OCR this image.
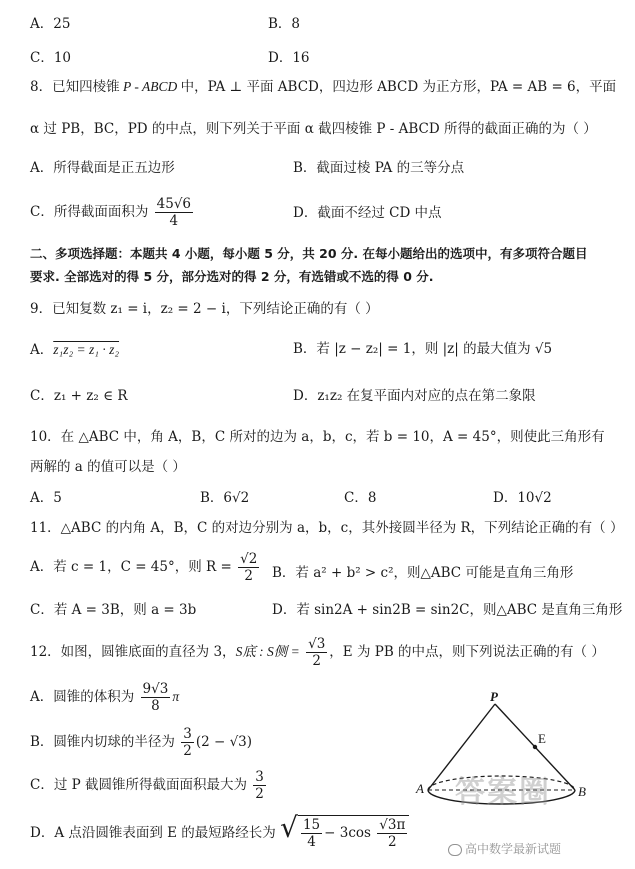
A．25	B．8
C．10	D．16
8．已知四棱锥 P - ABCD 中，PA ⊥ 平面 ABCD，四边形 ABCD 为正方形，PA = AB = 6，平面
α 过 PB，BC，PD 的中点，则下列关于平面 α 截四棱锥 P - ABCD 所得的截面正确的为（ ）
A．所得截面是正五边形	B．截面过棱 PA 的三等分点
C．所得截面面积为 $\frac{45√6}{4}$	D．截面不经过 CD 中点
二、多项选择题：本题共 4 小题，每小题 5 分，共 20 分. 在每小题给出的选项中，有多项符合题目
要求. 全部选对的得 5 分，部分选对的得 2 分，有选错或不选的得 0 分.
9．已知复数 z₁ = i，z₂ = 2 − i，下列结论正确的有（ ）
A．z₁z₂ = z₁ · z₂	B．若 |z − z₂| = 1，则 |z| 的最大值为 √5
C．z₁ + z₂ ∈ R	D．z₁z₂ 在复平面内对应的点在第二象限
10．在 △ABC 中，角 A，B，C 所对的边为 a，b，c，若 b = 10，A = 45°，则使此三角形有
两解的 a 的值可以是（ ）
A．5	B．6√2	C．8	D．10√2
11．△ABC 的内角 A，B，C 的对边分别为 a，b，c，其外接圆半径为 R，下列结论正确的有（ ）
A．若 c = 1，C = 45°，则 $R = \frac{√2}{2}$ B．若 a² + b² > c²，则△ABC 可能是直角三角形
C．若 A = 3B，则 a = 3b	D．若 sin2A + sin2B = sin2C，则△ABC 是直角三角形
12．如图，圆锥底面的直径为 3，S底 : S侧 = $\frac{√3}{2}$ ，E 为 PB 的中点，则下列说法正确的有（ ）
A．圆锥的体积为 $\frac{9√3}{8}$ π
B．圆锥内切球的半径为 $\frac{3}{2} (2 - √3)$
C．过 P 截圆锥所得截面面积最大为 $\frac{3}{2}$
D．A 点沿圆锥表面到 E 的最短路经长为 √ $\frac{15}{4} - 3\cos \frac{√3\pi}{2}$
P
E
A	B
答案圈
高中数学最新试题
